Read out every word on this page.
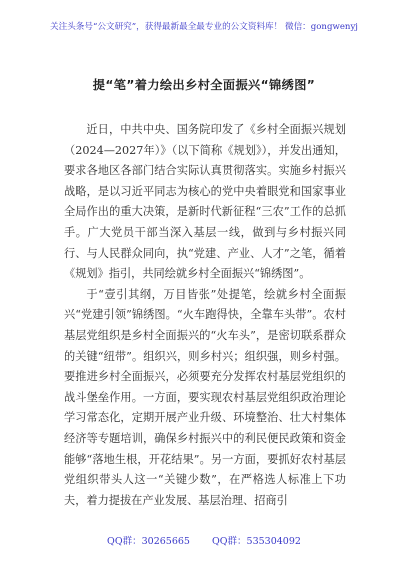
关注头条号“公文研究”，获得最新最全最专业的公文资料库！ 微信：gongwenyj
提“笔”着力绘出乡村全面振兴“锦绣图”

近日，中共中央、国务院印发了《乡村全面振兴规划（2024—2027年）》（以下简称《规划》），并发出通知，要求各地区各部门结合实际认真贯彻落实。实施乡村振兴战略，是以习近平同志为核心的党中央着眼党和国家事业全局作出的重大决策，是新时代新征程“三农”工作的总抓手。广大党员干部当深入基层一线，做到与乡村振兴同行、与人民群众同向，执“党建、产业、人才”之笔，循着《规划》指引，共同绘就乡村全面振兴“锦绣图”。

于“壹引其纲，万目皆张”处提笔，绘就乡村全面振兴“党建引领”锦绣图。“火车跑得快，全靠车头带”。农村基层党组织是乡村全面振兴的“火车头”，是密切联系群众的关键“纽带”。组织兴，则乡村兴；组织强，则乡村强。要推进乡村全面振兴，必须要充分发挥农村基层党组织的战斗堡垒作用。一方面，要实现农村基层党组织政治理论学习常态化，定期开展产业升级、环境整治、壮大村集体经济等专题培训，确保乡村振兴中的利民便民政策和资金能够“落地生根，开花结果”。另一方面，要抓好农村基层党组织带头人这一“关键少数”，在严格选人标准上下功夫，着力提拔在产业发展、基层治理、招商引

QQ群：30265665 QQ群：535304092
